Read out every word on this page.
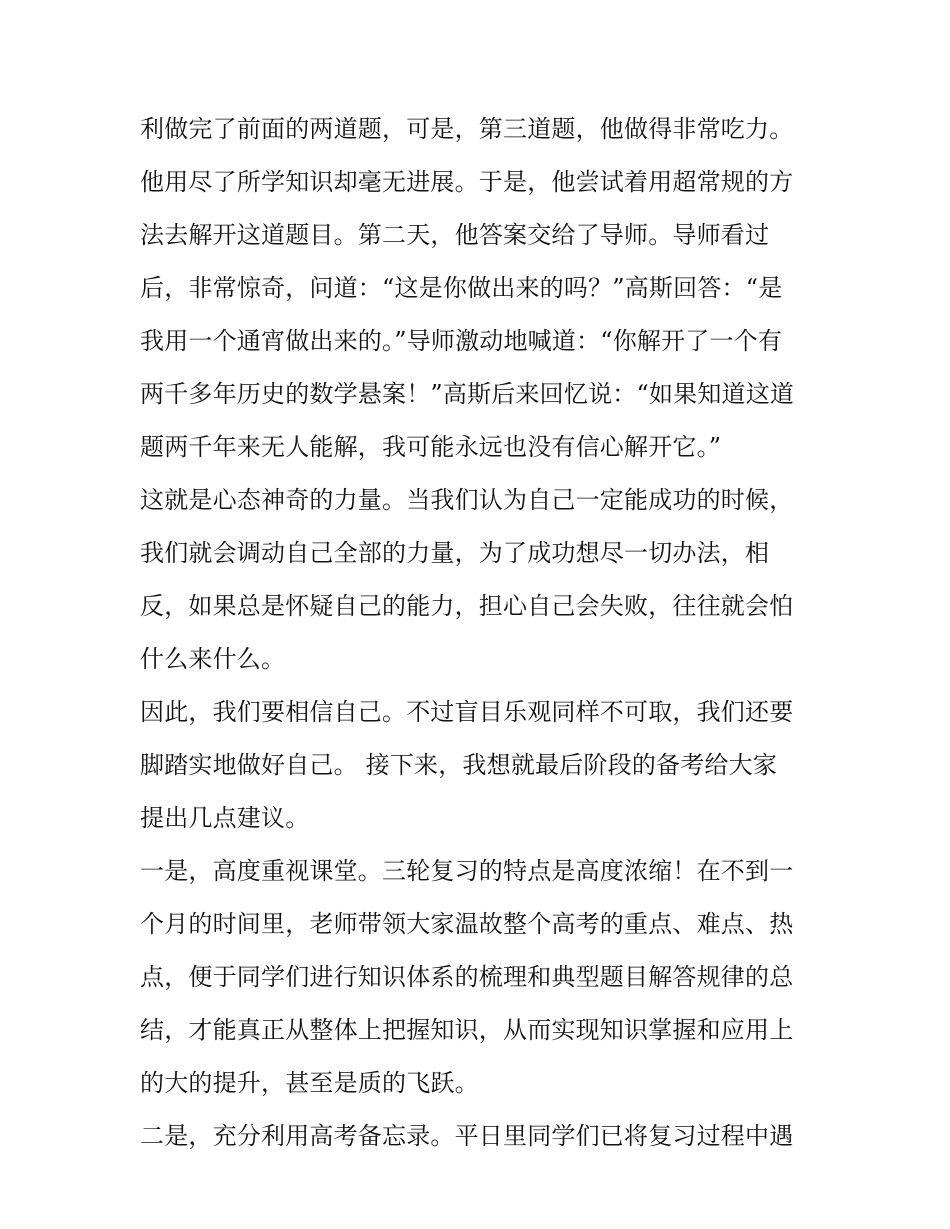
利做完了前面的两道题，可是，第三道题，他做得非常吃力。
他用尽了所学知识却毫无进展。于是，他尝试着用超常规的方
法去解开这道题目。第二天，他答案交给了导师。导师看过
后，非常惊奇，问道：“这是你做出来的吗？”高斯回答：“是
我用一个通宵做出来的。”导师激动地喊道：“你解开了一个有
两千多年历史的数学悬案！”高斯后来回忆说：“如果知道这道
题两千年来无人能解，我可能永远也没有信心解开它。”
这就是心态神奇的力量。当我们认为自己一定能成功的时候，
我们就会调动自己全部的力量，为了成功想尽一切办法，相
反，如果总是怀疑自己的能力，担心自己会失败，往往就会怕
什么来什么。
因此，我们要相信自己。不过盲目乐观同样不可取，我们还要
脚踏实地做好自己。 接下来，我想就最后阶段的备考给大家
提出几点建议。
一是，高度重视课堂。三轮复习的特点是高度浓缩！在不到一
个月的时间里，老师带领大家温故整个高考的重点、难点、热
点，便于同学们进行知识体系的梳理和典型题目解答规律的总
结，才能真正从整体上把握知识，从而实现知识掌握和应用上
的大的提升，甚至是质的飞跃。
二是，充分利用高考备忘录。平日里同学们已将复习过程中遇
